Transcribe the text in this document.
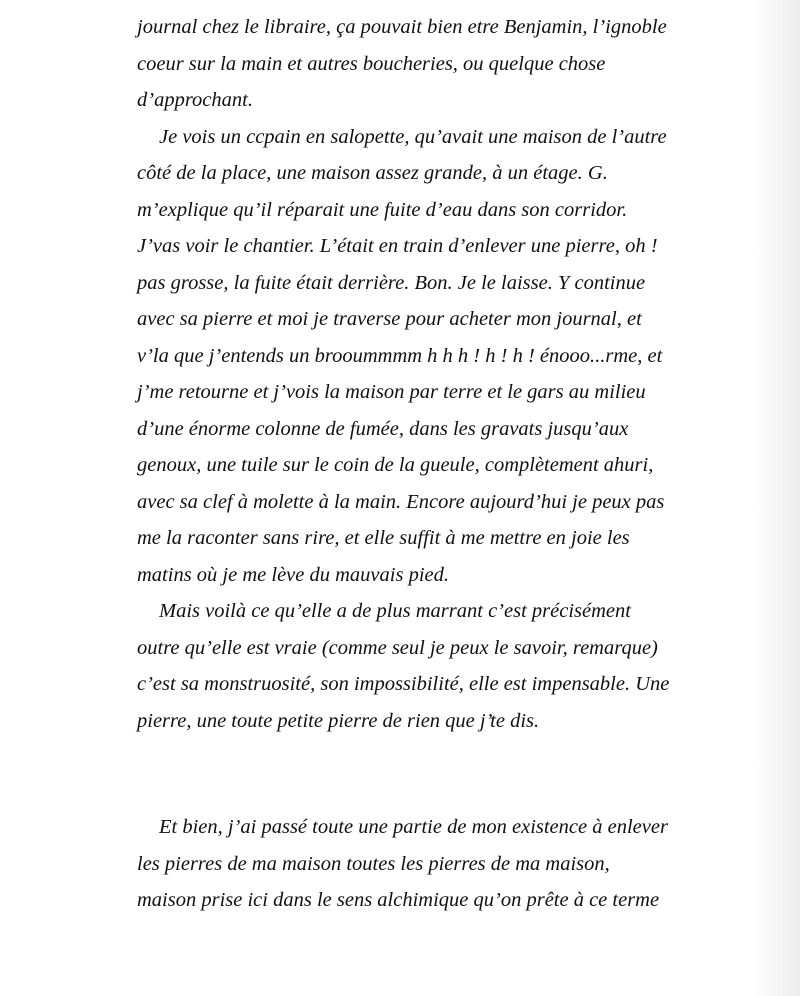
journal chez le libraire, ça pouvait bien etre Benjamin, l’ignoble
coeur sur la main et autres boucheries, ou quelque chose
d’approchant.
Je vois un ccpain en salopette, qu’avait une maison de l’autre
côté de la place, une maison assez grande, à un étage. G.
m’explique qu’il réparait une fuite d’eau dans son corridor.
J’vas voir le chantier. L’était en train d’enlever une pierre, oh !
pas grosse, la fuite était derrière. Bon. Je le laisse. Y continue
avec sa pierre et moi je traverse pour acheter mon journal, et
v’la que j’entends un brooummmm h h h ! h ! h ! énooo...rme, et
j’me retourne et j’vois la maison par terre et le gars au milieu
d’une énorme colonne de fumée, dans les gravats jusqu’aux
genoux, une tuile sur le coin de la gueule, complètement ahuri,
avec sa clef à molette à la main. Encore aujourd’hui je peux pas
me la raconter sans rire, et elle suffit à me mettre en joie les
matins où je me lève du mauvais pied.
Mais voilà ce qu’elle a de plus marrant c’est précisément
outre qu’elle est vraie (comme seul je peux le savoir, remarque)
c’est sa monstruosité, son impossibilité, elle est impensable. Une
pierre, une toute petite pierre de rien que j’te dis.
Et bien, j’ai passé toute une partie de mon existence à enlever
les pierres de ma maison toutes les pierres de ma maison,
maison prise ici dans le sens alchimique qu’on prête à ce terme
